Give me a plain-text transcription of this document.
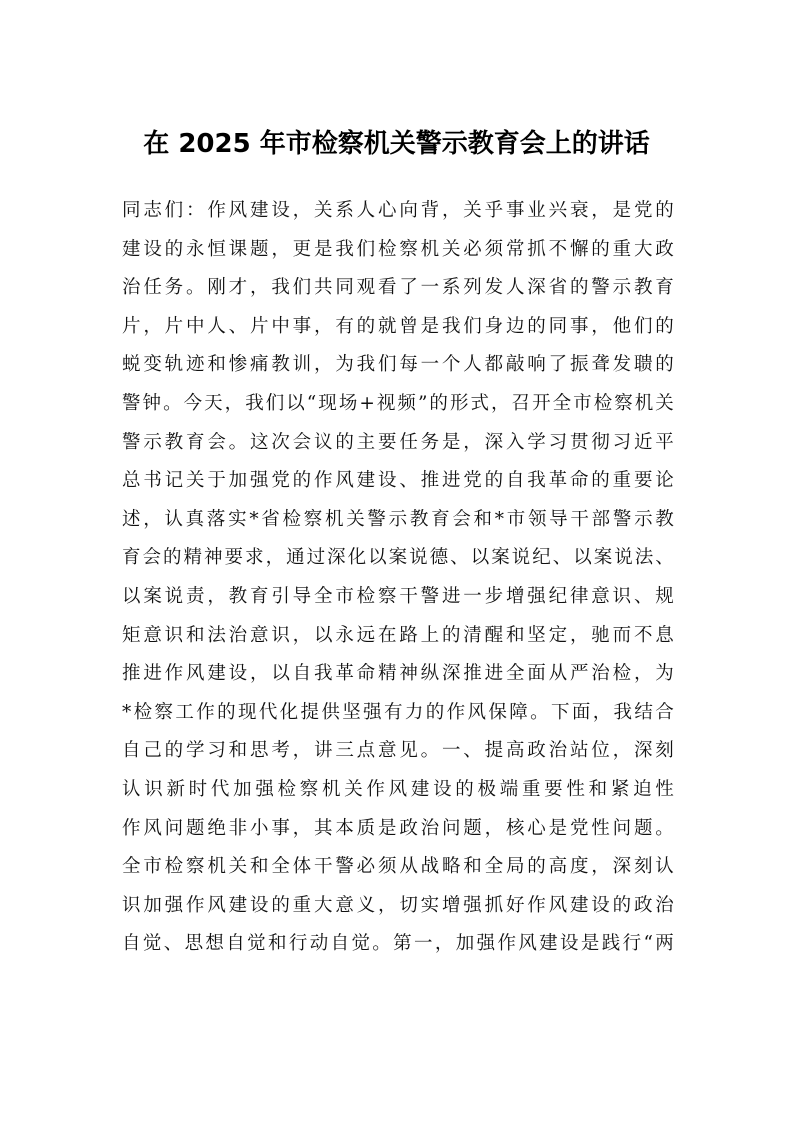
在 2025 年市检察机关警示教育会上的讲话
同志们：作风建设，关系人心向背，关乎事业兴衰，是党的
建设的永恒课题，更是我们检察机关必须常抓不懈的重大政
治任务。刚才，我们共同观看了一系列发人深省的警示教育
片，片中人、片中事，有的就曾是我们身边的同事，他们的
蜕变轨迹和惨痛教训，为我们每一个人都敲响了振聋发聩的
警钟。今天，我们以“现场+视频”的形式，召开全市检察机关
警示教育会。这次会议的主要任务是，深入学习贯彻习近平
总书记关于加强党的作风建设、推进党的自我革命的重要论
述，认真落实*省检察机关警示教育会和*市领导干部警示教
育会的精神要求，通过深化以案说德、以案说纪、以案说法、
以案说责，教育引导全市检察干警进一步增强纪律意识、规
矩意识和法治意识，以永远在路上的清醒和坚定，驰而不息
推进作风建设，以自我革命精神纵深推进全面从严治检，为
*检察工作的现代化提供坚强有力的作风保障。下面，我结合
自己的学习和思考，讲三点意见。一、提高政治站位，深刻
认识新时代加强检察机关作风建设的极端重要性和紧迫性
作风问题绝非小事，其本质是政治问题，核心是党性问题。
全市检察机关和全体干警必须从战略和全局的高度，深刻认
识加强作风建设的重大意义，切实增强抓好作风建设的政治
自觉、思想自觉和行动自觉。第一，加强作风建设是践行“两
